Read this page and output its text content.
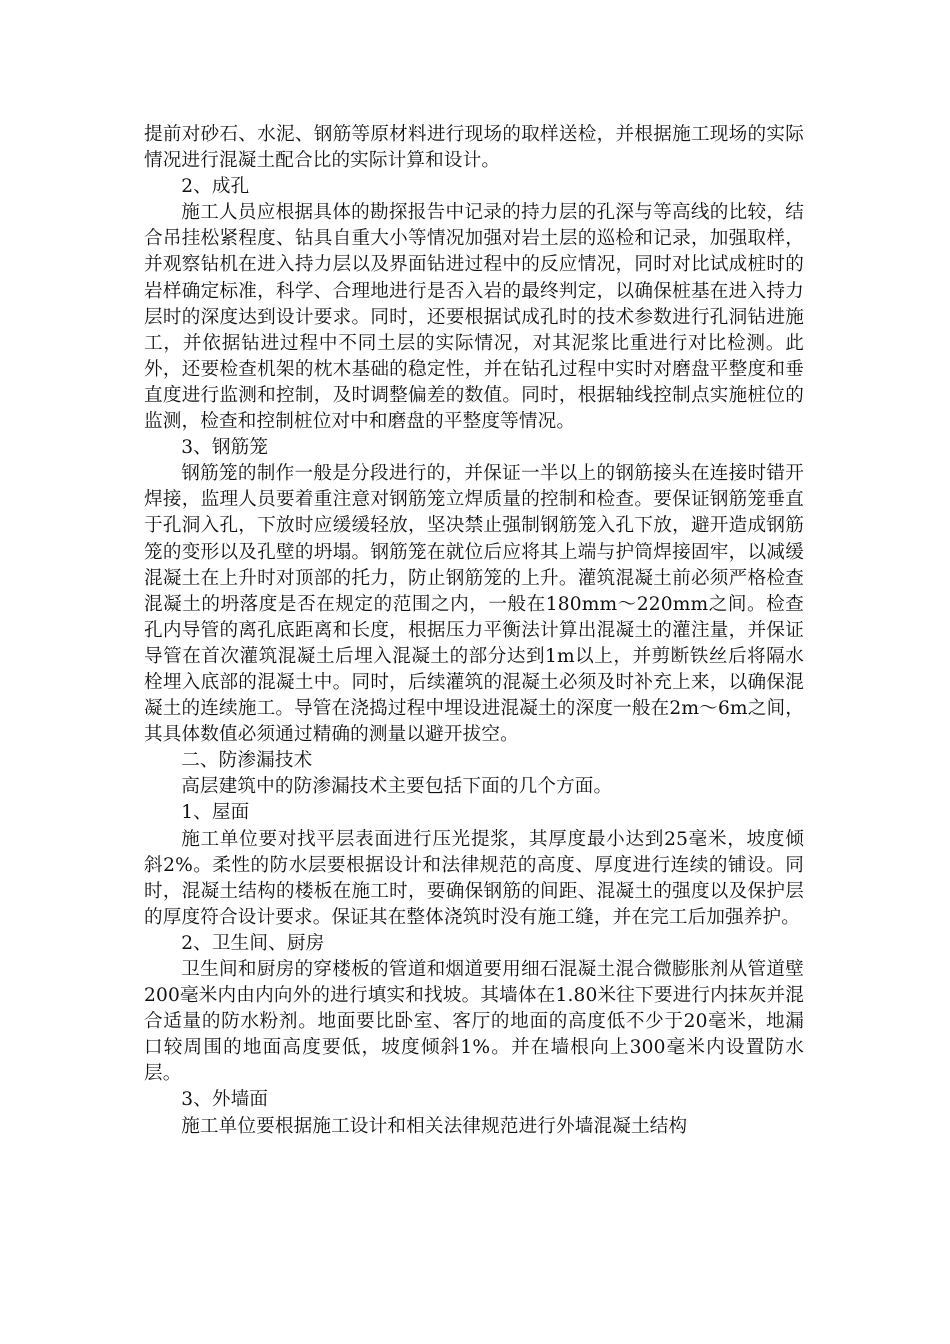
提前对砂石、水泥、钢筋等原材料进行现场的取样送检，并根据施工现场的实际情况进行混凝土配合比的实际计算和设计。

2、成孔

施工人员应根据具体的勘探报告中记录的持力层的孔深与等高线的比较，结合吊挂松紧程度、钻具自重大小等情况加强对岩土层的巡检和记录，加强取样，并观察钻机在进入持力层以及界面钻进过程中的反应情况，同时对比试成桩时的岩样确定标准，科学、合理地进行是否入岩的最终判定，以确保桩基在进入持力层时的深度达到设计要求。同时，还要根据试成孔时的技术参数进行孔洞钻进施工，并依据钻进过程中不同土层的实际情况，对其泥浆比重进行对比检测。此外，还要检查机架的枕木基础的稳定性，并在钻孔过程中实时对磨盘平整度和垂直度进行监测和控制，及时调整偏差的数值。同时，根据轴线控制点实施桩位的监测，检查和控制桩位对中和磨盘的平整度等情况。

3、钢筋笼

钢筋笼的制作一般是分段进行的，并保证一半以上的钢筋接头在连接时错开焊接，监理人员要着重注意对钢筋笼立焊质量的控制和检查。要保证钢筋笼垂直于孔洞入孔，下放时应缓缓轻放，坚决禁止强制钢筋笼入孔下放，避开造成钢筋笼的变形以及孔壁的坍塌。钢筋笼在就位后应将其上端与护筒焊接固牢，以减缓混凝土在上升时对顶部的托力，防止钢筋笼的上升。灌筑混凝土前必须严格检查混凝土的坍落度是否在规定的范围之内，一般在180mm～220mm之间。检查孔内导管的离孔底距离和长度，根据压力平衡法计算出混凝土的灌注量，并保证导管在首次灌筑混凝土后埋入混凝土的部分达到1m以上，并剪断铁丝后将隔水栓埋入底部的混凝土中。同时，后续灌筑的混凝土必须及时补充上来，以确保混凝土的连续施工。导管在浇捣过程中埋设进混凝土的深度一般在2m～6m之间，其具体数值必须通过精确的测量以避开拔空。

二、防渗漏技术

高层建筑中的防渗漏技术主要包括下面的几个方面。

1、屋面

施工单位要对找平层表面进行压光提浆，其厚度最小达到25毫米，坡度倾斜2%。柔性的防水层要根据设计和法律规范的高度、厚度进行连续的铺设。同时，混凝土结构的楼板在施工时，要确保钢筋的间距、混凝土的强度以及保护层的厚度符合设计要求。保证其在整体浇筑时没有施工缝，并在完工后加强养护。

2、卫生间、厨房

卫生间和厨房的穿楼板的管道和烟道要用细石混凝土混合微膨胀剂从管道壁200毫米内由内向外的进行填实和找坡。其墙体在1.80米往下要进行内抹灰并混合适量的防水粉剂。地面要比卧室、客厅的地面的高度低不少于20毫米，地漏口较周围的地面高度要低，坡度倾斜1%。并在墙根向上300毫米内设置防水层。

3、外墙面

施工单位要根据施工设计和相关法律规范进行外墙混凝土结构
